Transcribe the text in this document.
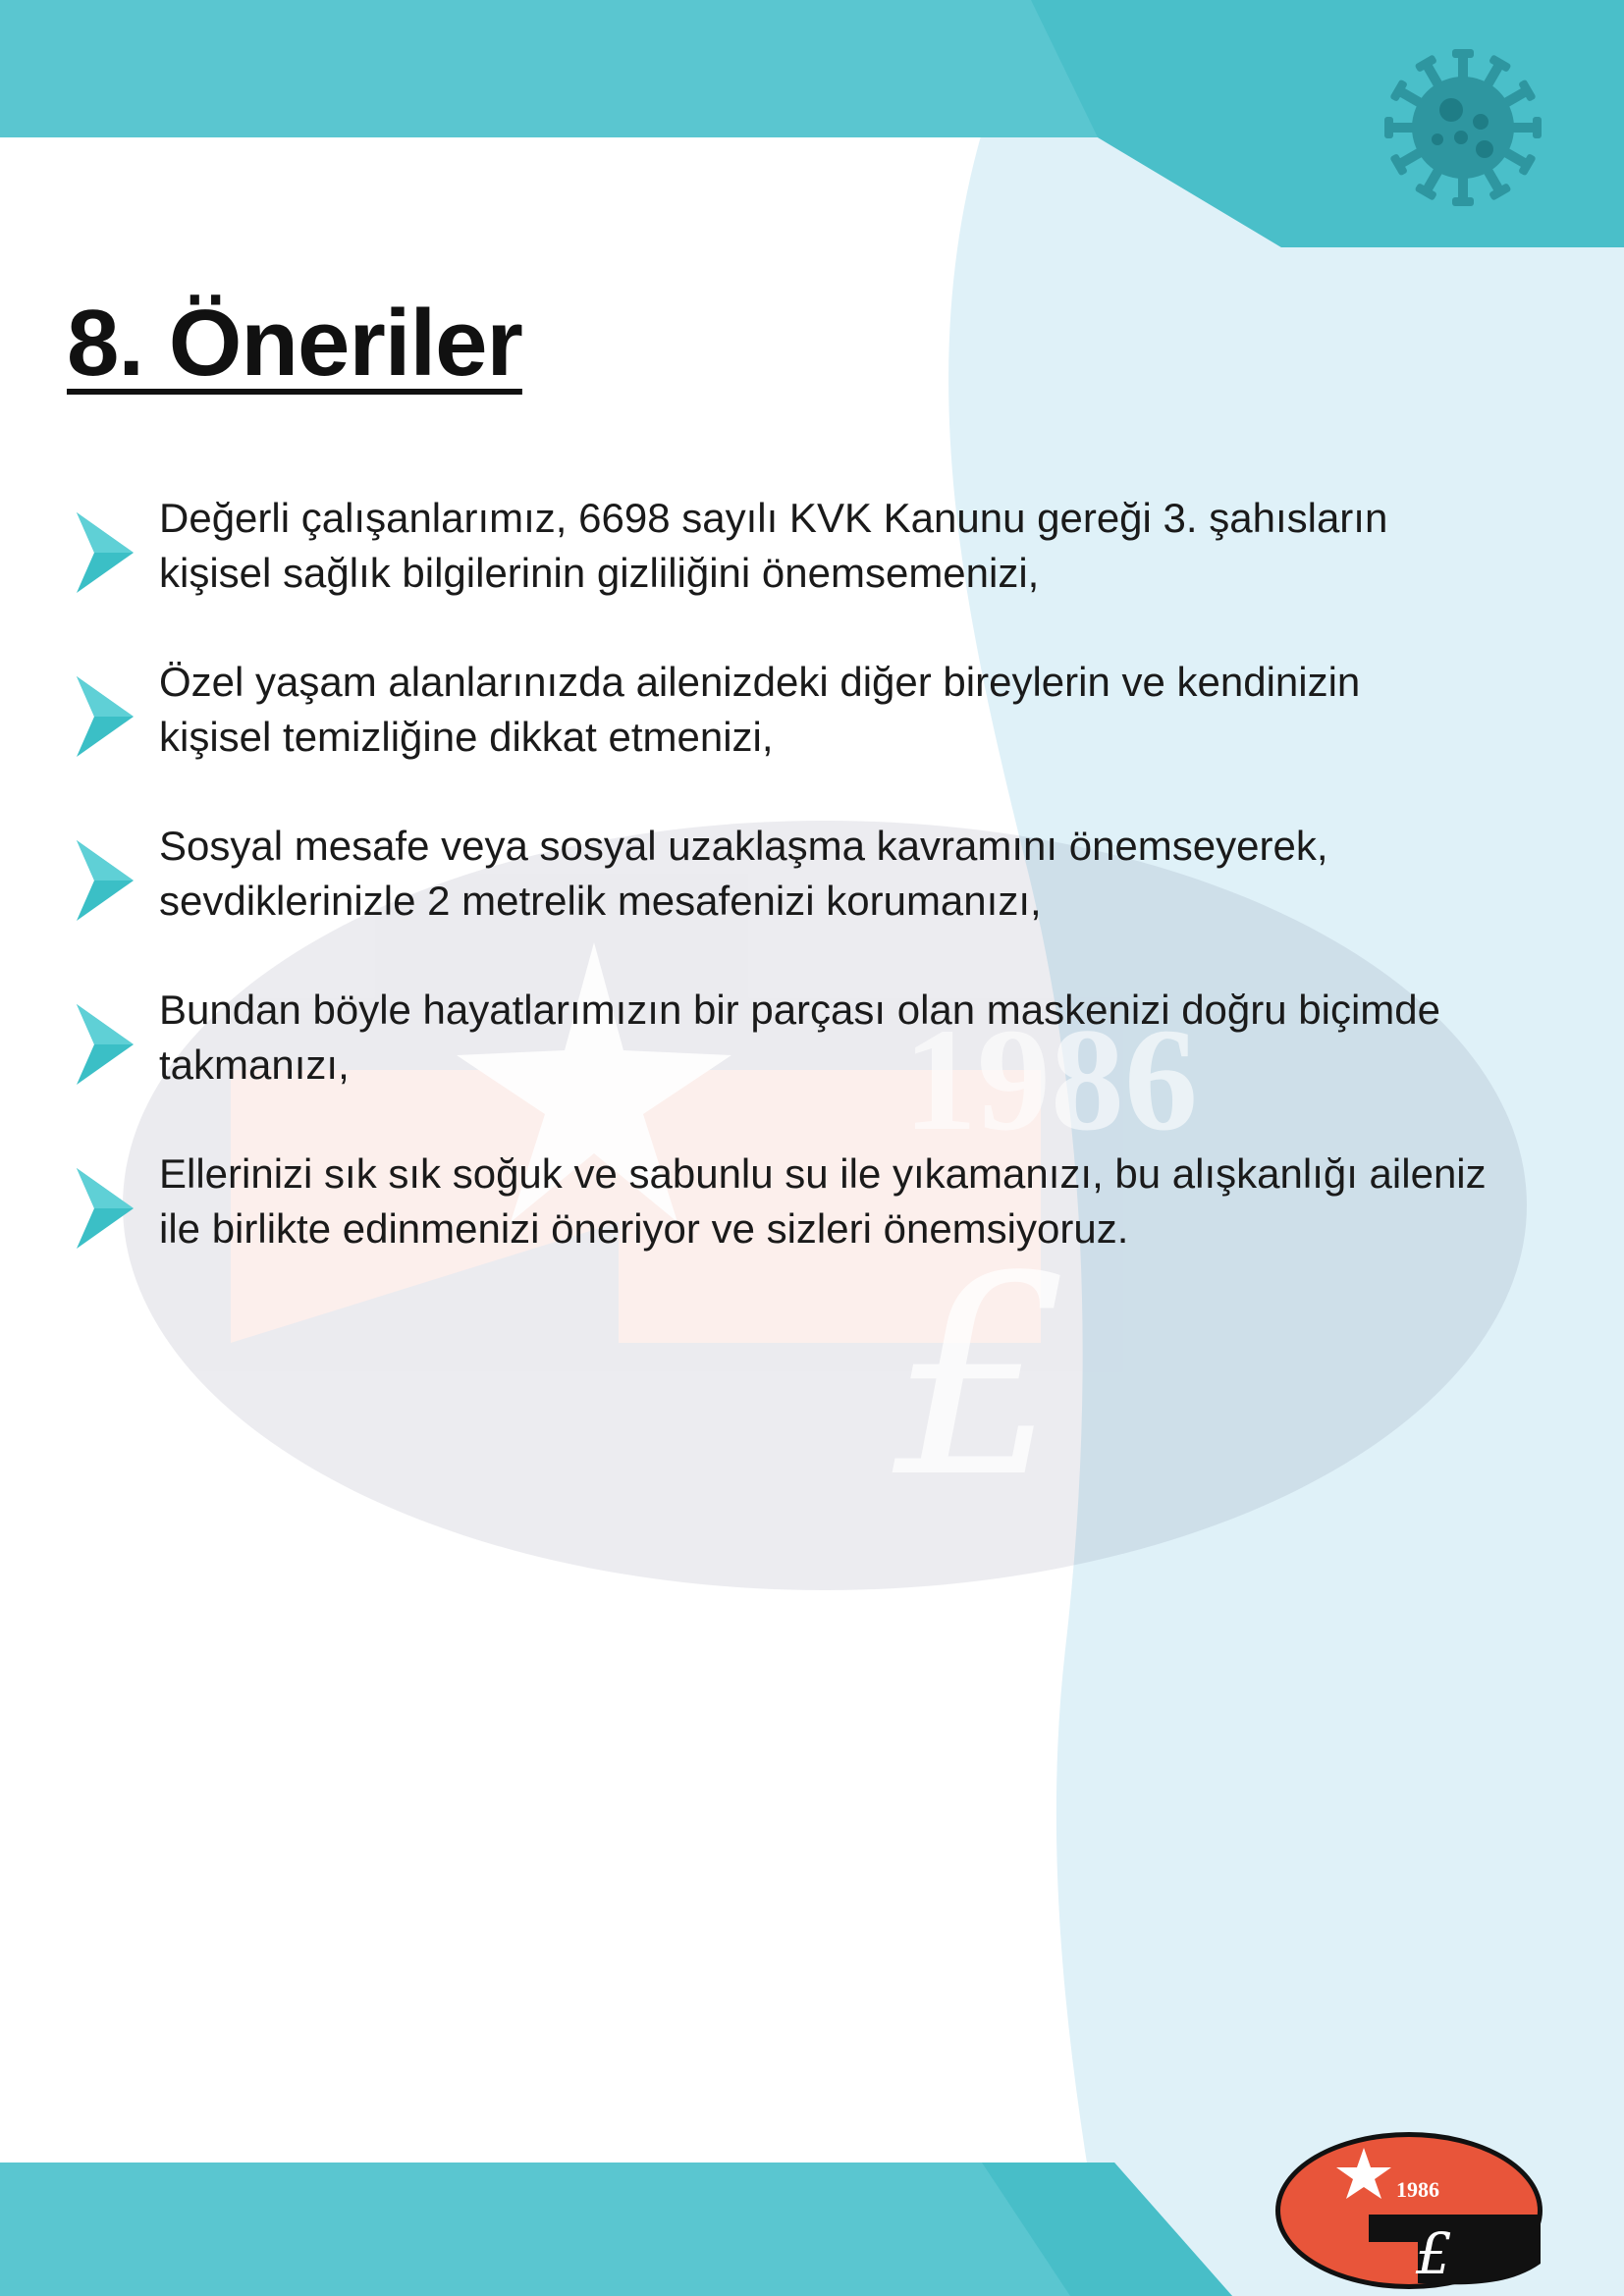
1986
£
8. Öneriler
Değerli çalışanlarımız, 6698 sayılı KVK Kanunu gereği 3. şahısların
kişisel sağlık bilgilerinin gizliliğini önemsemenizi,
Özel yaşam alanlarınızda ailenizdeki diğer bireylerin ve kendinizin
kişisel temizliğine dikkat etmenizi,
Sosyal mesafe veya sosyal uzaklaşma kavramını önemseyerek,
sevdiklerinizle 2 metrelik mesafenizi korumanızı,
Bundan böyle hayatlarımızın bir parçası olan maskenizi doğru biçimde
takmanızı,
Ellerinizi sık sık soğuk ve sabunlu su ile yıkamanızı, bu alışkanlığı aileniz
ile birlikte edinmenizi öneriyor ve sizleri önemsiyoruz.
1986
£
